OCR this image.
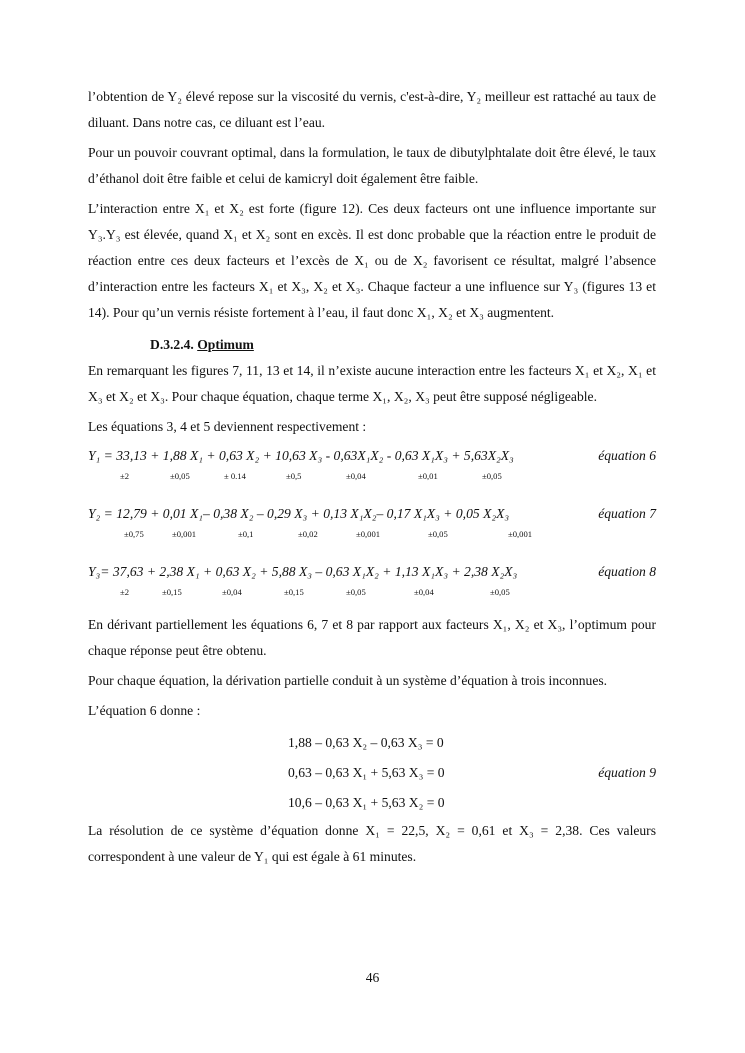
l’obtention de Y₂ élevé repose sur la viscosité du vernis, c'est-à-dire, Y₂ meilleur est rattaché au taux de diluant. Dans notre cas, ce diluant est l’eau.

Pour un pouvoir couvrant optimal, dans la formulation, le taux de dibutylphtalate doit être élevé, le taux d’éthanol doit être faible et celui de kamicryl doit également être faible.

L’interaction entre X₁ et X₂ est forte (figure 12). Ces deux facteurs ont une influence importante sur Y₃.Y₃ est élevée, quand X₁ et X₂ sont en excès. Il est donc probable que la réaction entre le produit de réaction entre ces deux facteurs et l’excès de X₁ ou de X₂ favorisent ce résultat, malgré l’absence d’interaction entre les facteurs X₁ et X₃, X₂ et X₃. Chaque facteur a une influence sur Y₃ (figures 13 et 14). Pour qu’un vernis résiste fortement à l’eau, il faut donc X₁, X₂ et X₃ augmentent.

D.3.2.4. Optimum

En remarquant les figures 7, 11, 13 et 14, il n’existe aucune interaction entre les facteurs X₁ et X₂, X₁ et X₃ et X₂ et X₃. Pour chaque équation, chaque terme X₁, X₂, X₃ peut être supposé négligeable.

Les équations 3, 4 et 5 deviennent respectivement :

Y₁ = 33,13 + 1,88 X₁ + 0,63 X₂ + 10,63 X₃ - 0,63X₁X₂ - 0,63 X₁X₃ + 5,63X₂X₃	équation 6
±2	±0,05	± 0.14	±0,5	±0,04	±0,01	±0,05
Y₂ = 12,79 + 0,01 X₁– 0,38 X₂ – 0,29 X₃ + 0,13 X₁X₂– 0,17 X₁X₃ + 0,05 X₂X₃	équation 7
±0,75	±0,001	±0,1	±0,02	±0,001	±0,05	±0,001
Y₃= 37,63 + 2,38 X₁ + 0,63 X₂ + 5,88 X₃ – 0,63 X₁X₂ + 1,13 X₁X₃ + 2,38 X₂X₃	équation 8
±2	±0,15	±0,04	±0,15	±0,05	±0,04	±0,05

En dérivant partiellement les équations 6, 7 et 8 par rapport aux facteurs X₁, X₂ et X₃, l’optimum pour chaque réponse peut être obtenu.

Pour chaque équation, la dérivation partielle conduit à un système d’équation à trois inconnues.

L’équation 6 donne :

1,88 – 0,63 X₂ – 0,63 X₃ = 0
0,63 – 0,63 X₁ + 5,63 X₃ = 0	équation 9
10,6 – 0,63 X₁ + 5,63 X₂ = 0

La résolution de ce système d’équation donne X₁ = 22,5, X₂ = 0,61 et X₃ = 2,38. Ces valeurs correspondent à une valeur de Y₁ qui est égale à 61 minutes.

46
